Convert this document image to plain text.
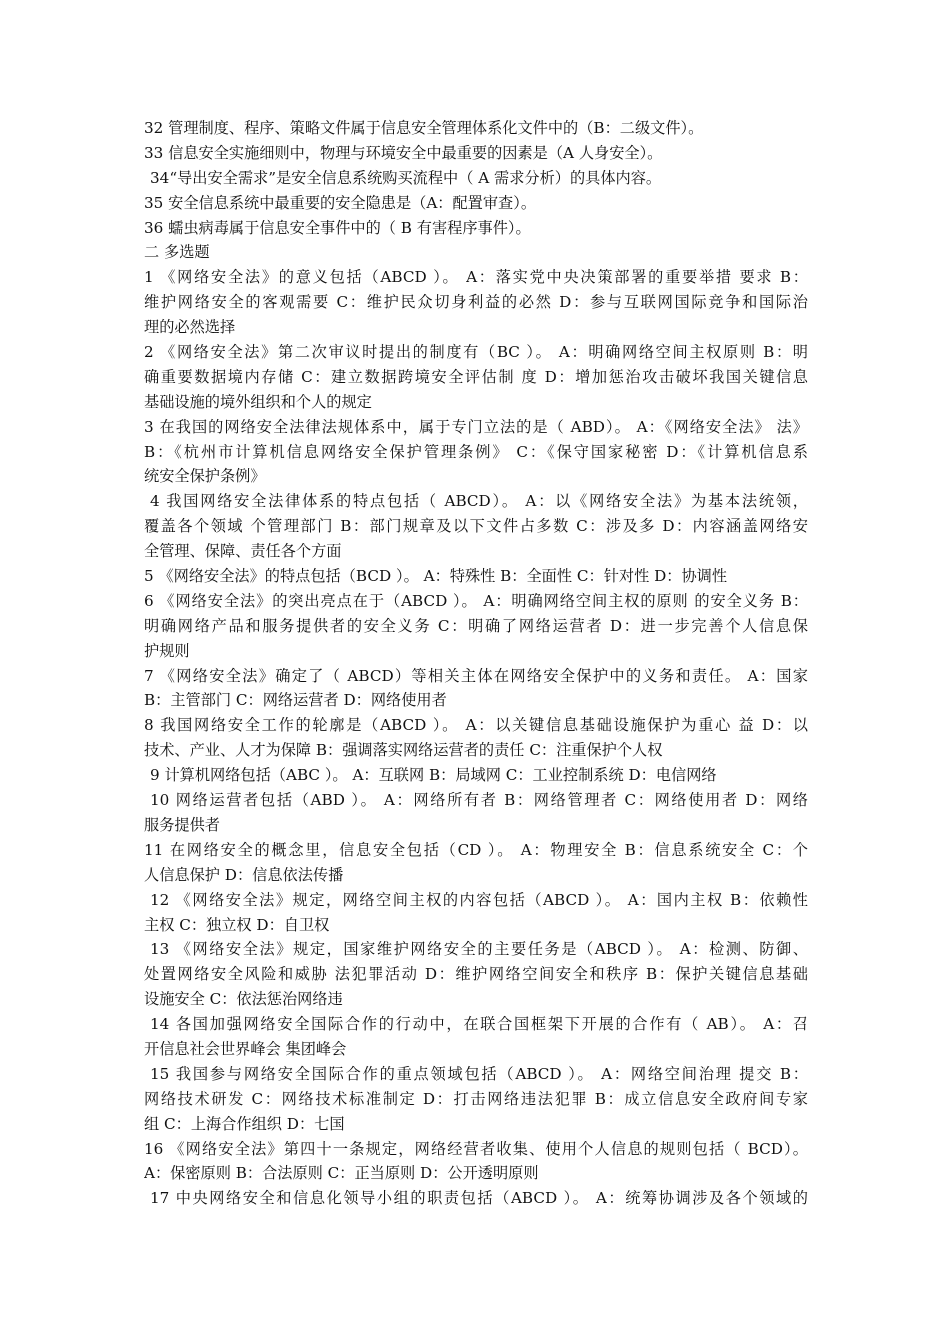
32 管理制度、程序、策略文件属于信息安全管理体系化文件中的（B：二级文件）。
33 信息安全实施细则中，物理与环境安全中最重要的因素是（A 人身安全）。
34“导出安全需求”是安全信息系统购买流程中（ A 需求分析）的具体内容。
35 安全信息系统中最重要的安全隐患是（A：配置审查）。
36 蠕虫病毒属于信息安全事件中的（ B 有害程序事件）。
二 多选题
1 《网络安全法》的意义包括（ABCD ）。 A：落实党中央决策部署的重要举措 要求 B：
维护网络安全的客观需要 C：维护民众切身利益的必然 D：参与互联网国际竞争和国际治
理的必然选择
2 《网络安全法》第二次审议时提出的制度有（BC ）。 A：明确网络空间主权原则 B：明
确重要数据境内存储 C：建立数据跨境安全评估制 度 D：增加惩治攻击破坏我国关键信息
基础设施的境外组织和个人的规定
3 在我国的网络安全法律法规体系中，属于专门立法的是（ ABD）。 A：《网络安全法》 法》
B：《杭州市计算机信息网络安全保护管理条例》 C：《保守国家秘密 D：《计算机信息系
统安全保护条例》
4 我国网络安全法律体系的特点包括（ ABCD）。 A：以《网络安全法》为基本法统领，
覆盖各个领域 个管理部门 B：部门规章及以下文件占多数 C：涉及多 D：内容涵盖网络安
全管理、保障、责任各个方面
5 《网络安全法》的特点包括（BCD ）。 A：特殊性 B：全面性 C：针对性 D：协调性
6 《网络安全法》的突出亮点在于（ABCD ）。 A：明确网络空间主权的原则 的安全义务 B：
明确网络产品和服务提供者的安全义务 C：明确了网络运营者 D：进一步完善个人信息保
护规则
7 《网络安全法》确定了（ ABCD）等相关主体在网络安全保护中的义务和责任。 A：国家
B：主管部门 C：网络运营者 D：网络使用者
8 我国网络安全工作的轮廓是（ABCD ）。 A：以关键信息基础设施保护为重心 益 D：以
技术、产业、人才为保障 B：强调落实网络运营者的责任 C：注重保护个人权
9 计算机网络包括（ABC ）。 A：互联网 B：局域网 C：工业控制系统 D：电信网络
10 网络运营者包括（ABD ）。 A：网络所有者 B：网络管理者 C：网络使用者 D：网络
服务提供者
11 在网络安全的概念里，信息安全包括（CD ）。 A：物理安全 B：信息系统安全 C：个
人信息保护 D：信息依法传播
12 《网络安全法》规定，网络空间主权的内容包括（ABCD ）。 A：国内主权 B：依赖性
主权 C：独立权 D：自卫权
13 《网络安全法》规定，国家维护网络安全的主要任务是（ABCD ）。 A：检测、防御、
处置网络安全风险和威胁 法犯罪活动 D：维护网络空间安全和秩序 B：保护关键信息基础
设施安全 C：依法惩治网络违
14 各国加强网络安全国际合作的行动中，在联合国框架下开展的合作有（ AB）。 A：召
开信息社会世界峰会 集团峰会
15 我国参与网络安全国际合作的重点领域包括（ABCD ）。 A：网络空间治理 提交 B：
网络技术研发 C：网络技术标准制定 D：打击网络违法犯罪 B：成立信息安全政府间专家
组 C：上海合作组织 D：七国
16 《网络安全法》第四十一条规定，网络经营者收集、使用个人信息的规则包括（ BCD）。
A：保密原则 B：合法原则 C：正当原则 D：公开透明原则
17 中央网络安全和信息化领导小组的职责包括（ABCD ）。 A：统筹协调涉及各个领域的
